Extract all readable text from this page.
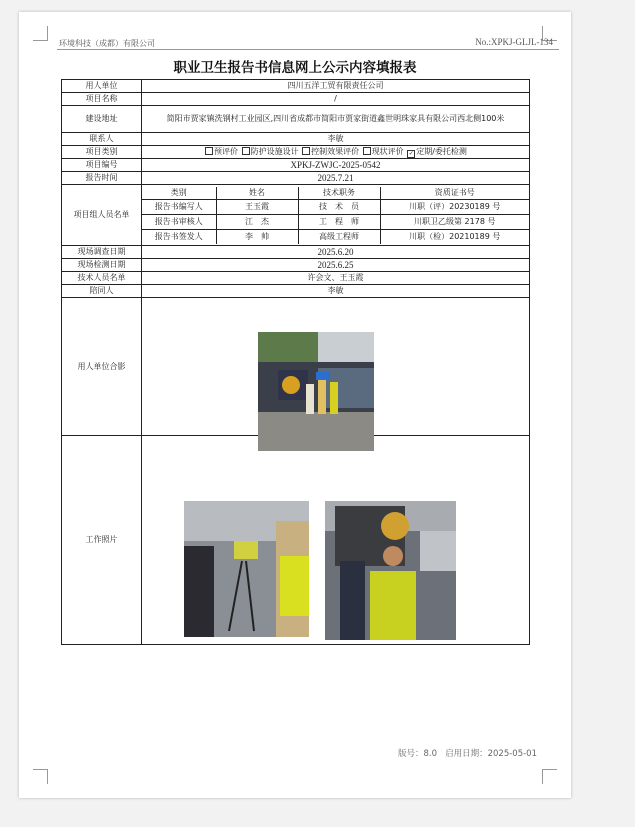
环境科技（成都）有限公司	No.:XPKJ-GLJL-134
职业卫生报告书信息网上公示内容填报表
用人单位	四川五洋工贸有限责任公司
项目名称	/
建设地址	简阳市贾家镇洗钢村工业园区,四川省成都市简阳市贾家街道鑫世明珠家具有限公司西北侧100米
联系人	李敏
项目类别	预评价 防护设施设计 控制效果评价 现状评价 ✓ 定期/委托检测
项目编号	XPKJ-ZWJC-2025-0542
报告时间	2025.7.21
项目组人员名单	
类别	姓名	技术职务	资质证书号
报告书编写人	王玉霞	技　术　员	川职（评）20230189 号
报告书审核人	江　杰	工　程　师	川职卫乙级第 2178 号
报告书签发人	李　帅	高级工程师	川职（检）20210189 号

现场调查日期	2025.6.20
现场检测日期	2025.6.25
技术人员名单	许会文、王玉霞
陪同人	李敏
用人单位合影	
工作照片	
版号：8.0 启用日期：2025-05-01
